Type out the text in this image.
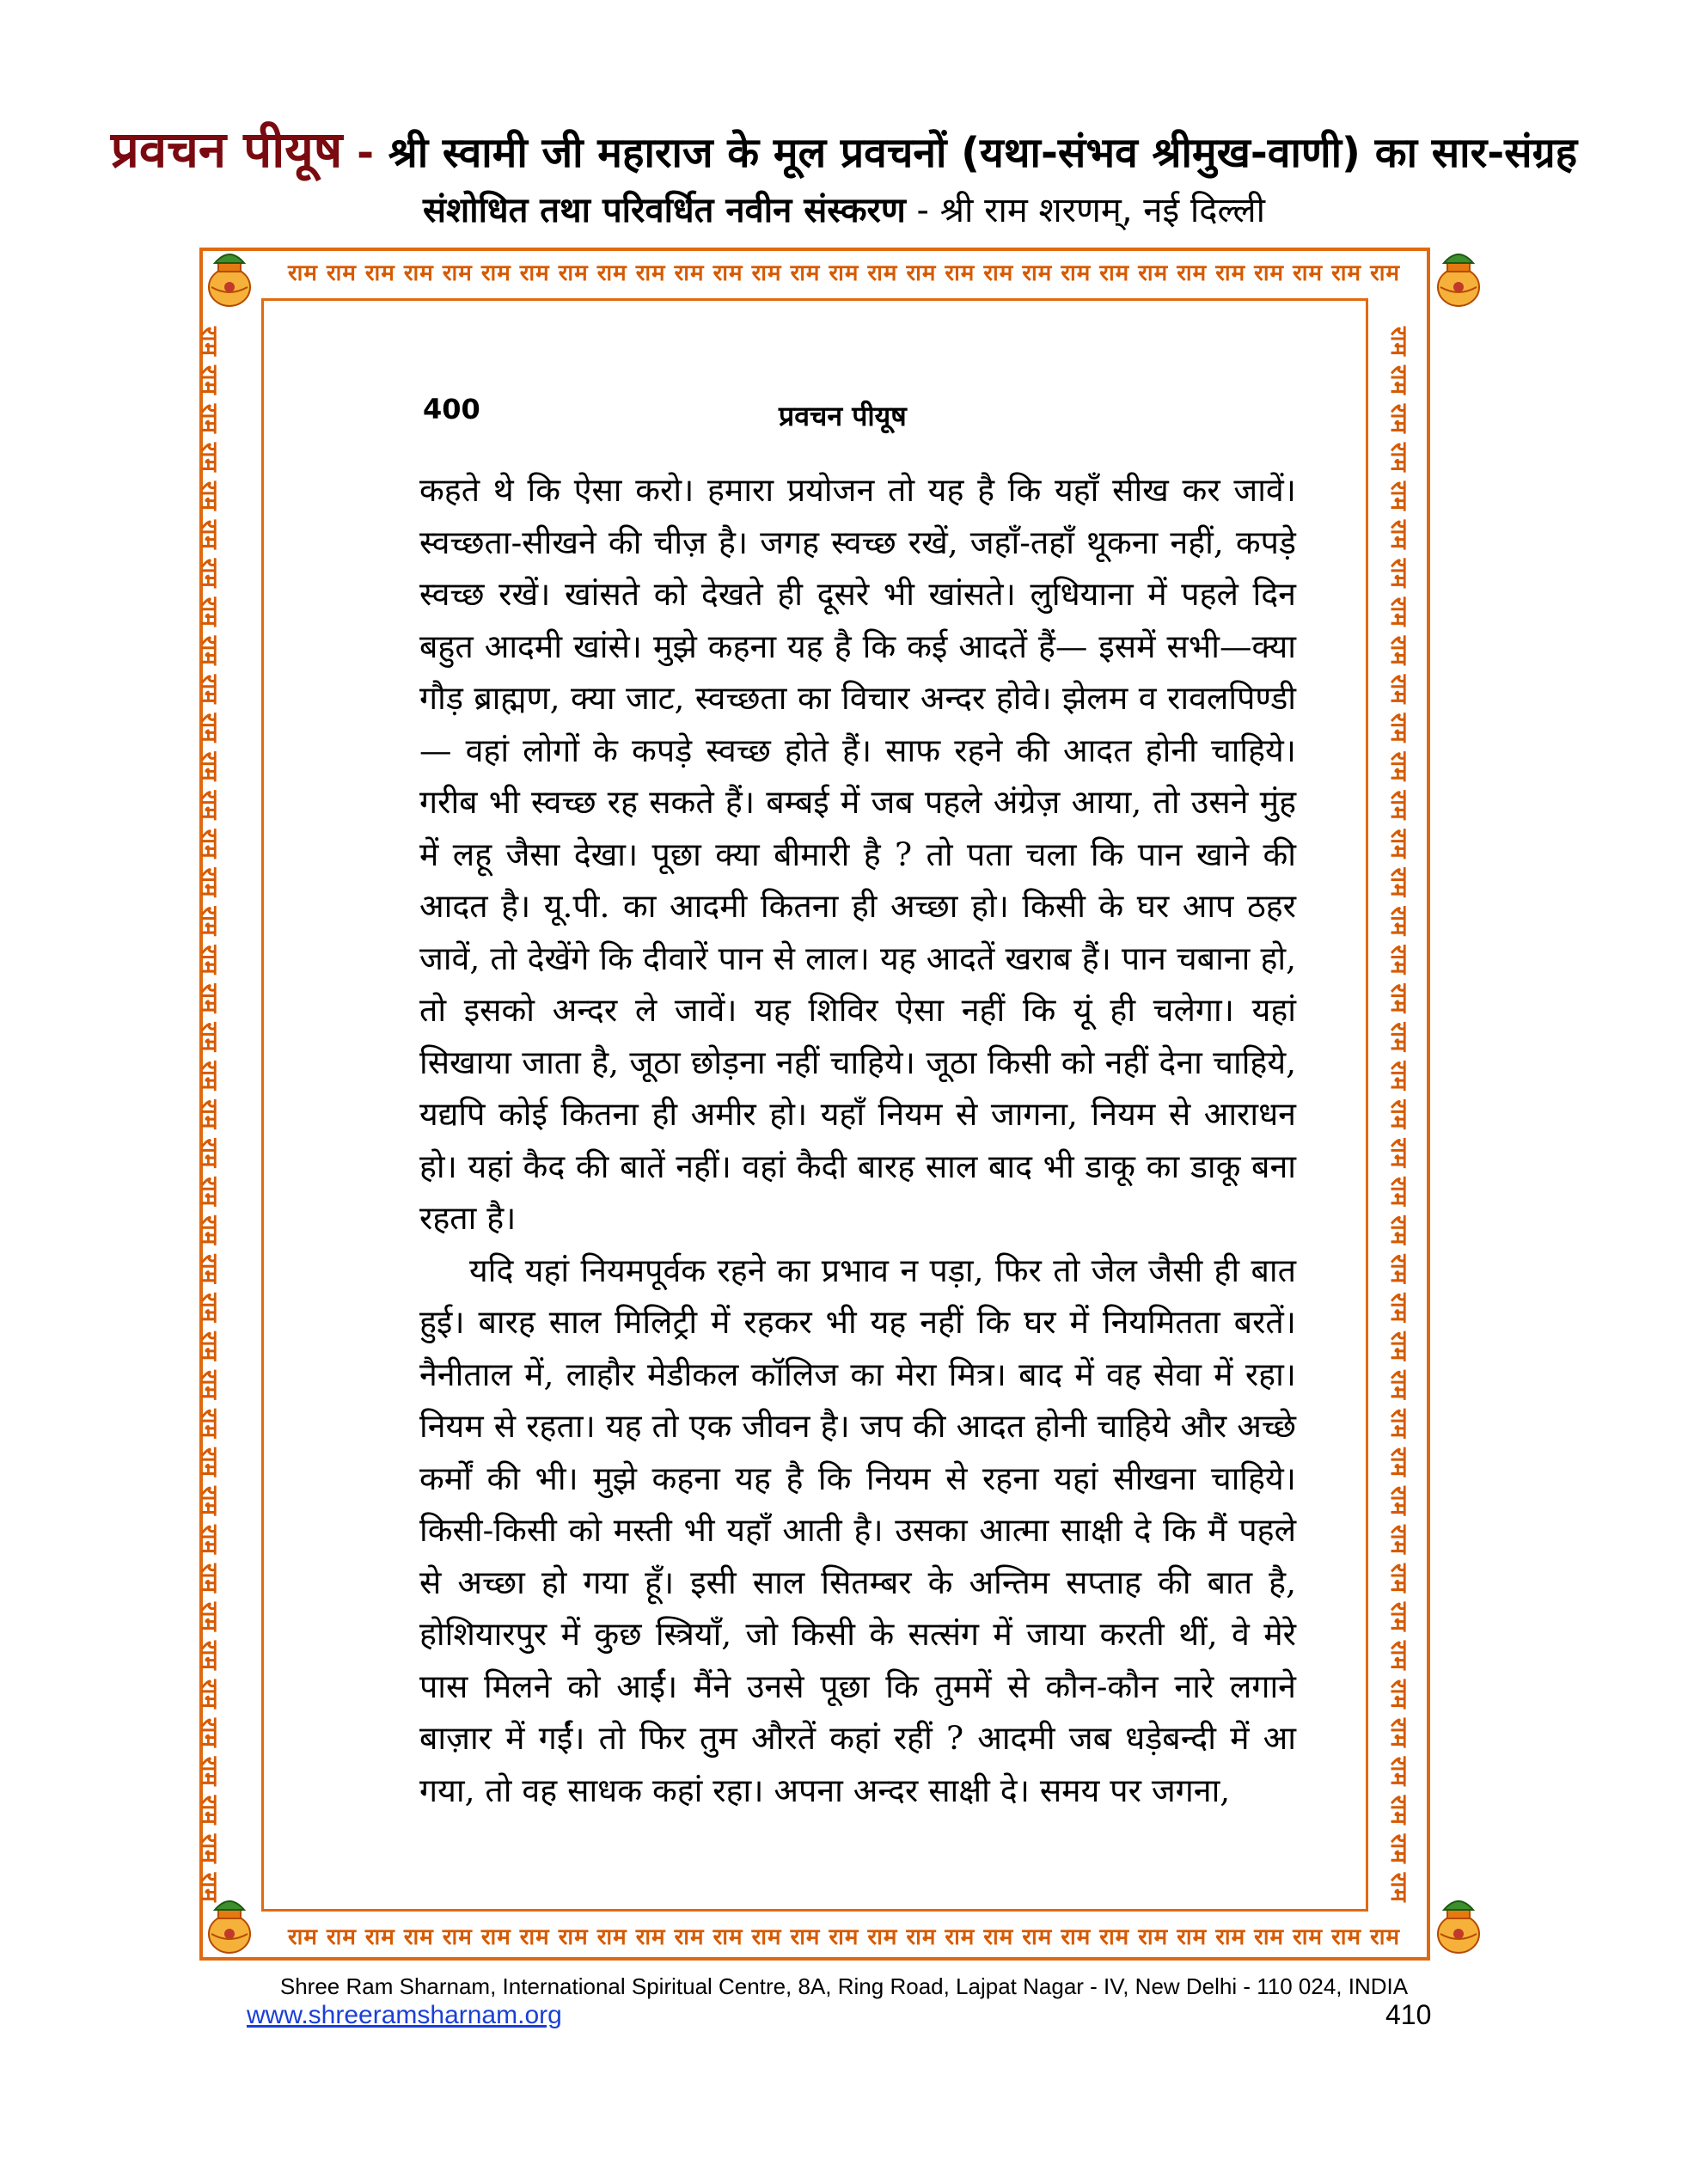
प्रवचन पीयूष - श्री स्वामी जी महाराज के मूल प्रवचनों (यथा-संभव श्रीमुख-वाणी) का सार-संग्रह
संशोधित तथा परिवर्धित नवीन संस्करण - श्री राम शरणम्, नई दिल्ली
राम राम राम राम राम राम राम राम राम राम राम राम राम राम राम राम राम राम राम राम राम राम राम राम राम राम राम राम राम
राम राम राम राम राम राम राम राम राम राम राम राम राम राम राम राम राम राम राम राम राम राम राम राम राम राम राम राम राम
राम राम राम राम राम राम राम राम राम राम राम राम राम राम राम राम राम राम राम राम राम राम राम राम राम राम राम राम राम राम राम राम राम राम राम राम राम राम राम राम राम	राम राम राम राम राम राम राम राम राम राम राम राम राम राम राम राम राम राम राम राम राम राम राम राम राम राम राम राम राम राम राम राम राम राम राम राम राम राम राम राम राम
400	प्रवचन पीयूष

कहते थे कि ऐसा करो। हमारा प्रयोजन तो यह है कि यहाँ सीख कर जावें। स्वच्छता-सीखने की चीज़ है। जगह स्वच्छ रखें, जहाँ-तहाँ थूकना नहीं, कपड़े स्वच्छ रखें। खांसते को देखते ही दूसरे भी खांसते। लुधियाना में पहले दिन बहुत आदमी खांसे। मुझे कहना यह है कि कई आदतें हैं— इसमें सभी—क्या गौड़ ब्राह्मण, क्या जाट, स्वच्छता का विचार अन्दर होवे। झेलम व रावलपिण्डी— वहां लोगों के कपड़े स्वच्छ होते हैं। साफ रहने की आदत होनी चाहिये। गरीब भी स्वच्छ रह सकते हैं। बम्बई में जब पहले अंग्रेज़ आया, तो उसने मुंह में लहू जैसा देखा। पूछा क्या बीमारी है ? तो पता चला कि पान खाने की आदत है। यू.पी. का आदमी कितना ही अच्छा हो। किसी के घर आप ठहर जावें, तो देखेंगे कि दीवारें पान से लाल। यह आदतें खराब हैं। पान चबाना हो, तो इसको अन्दर ले जावें। यह शिविर ऐसा नहीं कि यूं ही चलेगा। यहां सिखाया जाता है, जूठा छोड़ना नहीं चाहिये। जूठा किसी को नहीं देना चाहिये, यद्यपि कोई कितना ही अमीर हो। यहाँ नियम से जागना, नियम से आराधन हो। यहां कैद की बातें नहीं। वहां कैदी बारह साल बाद भी डाकू का डाकू बना रहता है।

यदि यहां नियमपूर्वक रहने का प्रभाव न पड़ा, फिर तो जेल जैसी ही बात हुई। बारह साल मिलिट्री में रहकर भी यह नहीं कि घर में नियमितता बरतें। नैनीताल में, लाहौर मेडीकल कॉलिज का मेरा मित्र। बाद में वह सेवा में रहा। नियम से रहता। यह तो एक जीवन है। जप की आदत होनी चाहिये और अच्छे कर्मों की भी। मुझे कहना यह है कि नियम से रहना यहां सीखना चाहिये। किसी-किसी को मस्ती भी यहाँ आती है। उसका आत्मा साक्षी दे कि मैं पहले से अच्छा हो गया हूँ। इसी साल सितम्बर के अन्तिम सप्ताह की बात है, होशियारपुर में कुछ स्त्रियाँ, जो किसी के सत्संग में जाया करती थीं, वे मेरे पास मिलने को आईं। मैंने उनसे पूछा कि तुममें से कौन-कौन नारे लगाने बाज़ार में गईं। तो फिर तुम औरतें कहां रहीं ? आदमी जब धड़ेबन्दी में आ गया, तो वह साधक कहां रहा। अपना अन्दर साक्षी दे। समय पर जगना,

Shree Ram Sharnam, International Spiritual Centre, 8A, Ring Road, Lajpat Nagar - IV, New Delhi - 110 024, INDIA
www.shreeramsharnam.org	410
